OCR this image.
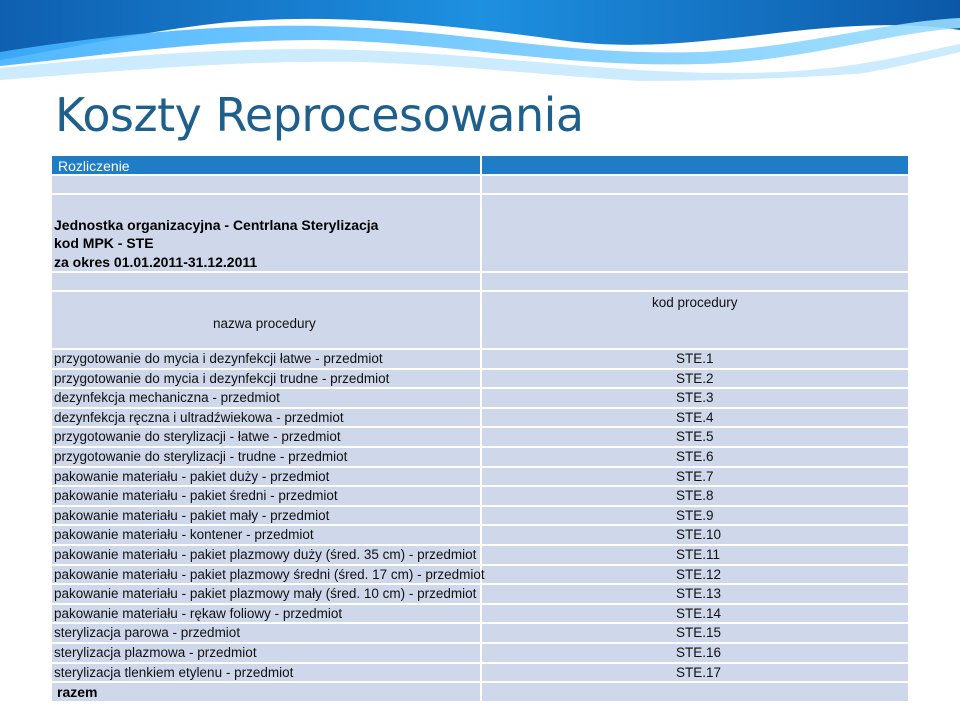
Koszty Reprocesowania
Rozliczenie
Jednostka organizacyjna - Centrlana Sterylizacja
kod MPK - STE
za okres 01.01.2011-31.12.2011
nazwa procedury
kod procedury
STE.1
przygotowanie do mycia i dezynfekcji łatwe - przedmiot
STE.2
przygotowanie do mycia i dezynfekcji trudne - przedmiot
STE.3
dezynfekcja mechaniczna - przedmiot
STE.4
dezynfekcja ręczna i ultradźwiekowa - przedmiot
STE.5
przygotowanie do sterylizacji - łatwe - przedmiot
STE.6
przygotowanie do sterylizacji - trudne - przedmiot
STE.7
pakowanie materiału - pakiet duży - przedmiot
STE.8
pakowanie materiału - pakiet średni - przedmiot
STE.9
pakowanie materiału - pakiet mały - przedmiot
STE.10
pakowanie materiału - kontener - przedmiot
STE.11
pakowanie materiału - pakiet plazmowy duży (śred. 35 cm) - przedmiot
STE.12
pakowanie materiału - pakiet plazmowy średni (śred. 17 cm) - przedmiot
STE.13
pakowanie materiału - pakiet plazmowy mały (śred. 10 cm) - przedmiot
STE.14
pakowanie materiału - rękaw foliowy - przedmiot
STE.15
sterylizacja parowa - przedmiot
STE.16
sterylizacja plazmowa - przedmiot
STE.17
sterylizacja tlenkiem etylenu - przedmiot
razem
